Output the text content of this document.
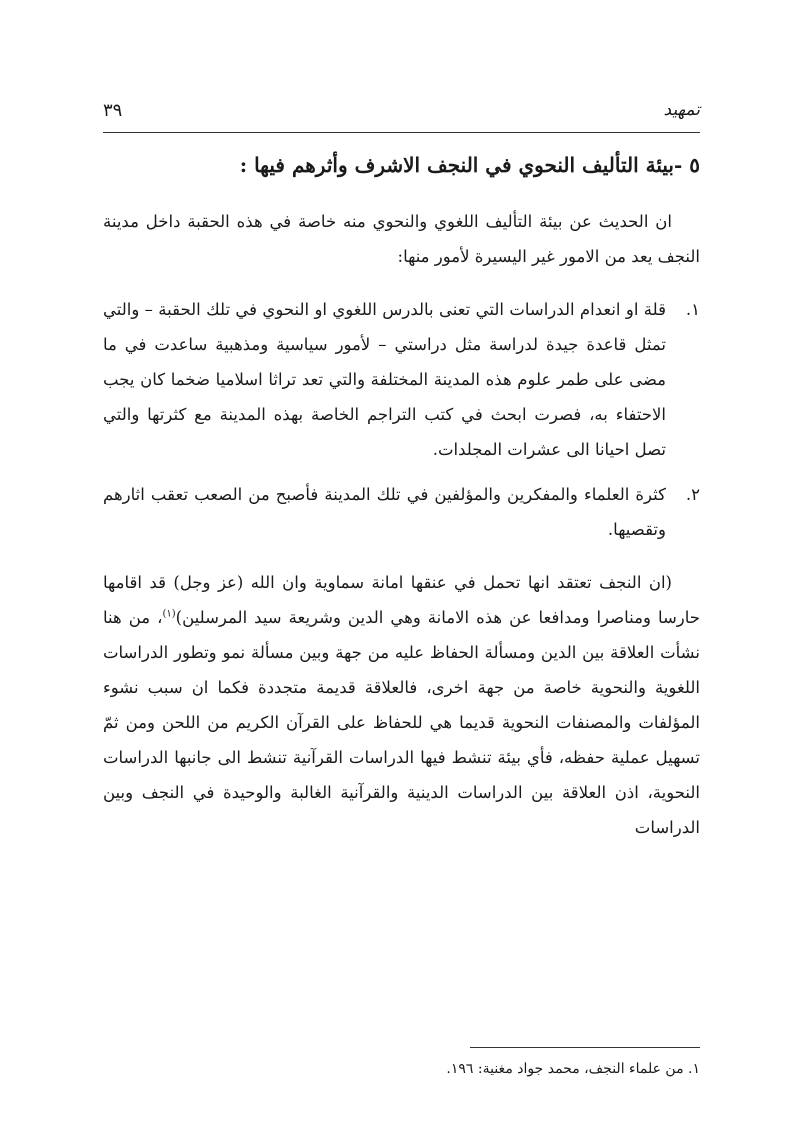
تمهيد
٣٩
٥ -بيئة التأليف النحوي في النجف الاشرف وأثرهم فيها :

ان الحديث عن بيئة التأليف اللغوي والنحوي منه خاصة في هذه الحقبة داخل مدينة النجف يعد من الامور غير اليسيرة لأمور منها:

١.
قلة او انعدام الدراسات التي تعنى بالدرس اللغوي او النحوي في تلك الحقبة – والتي تمثل قاعدة جيدة لدراسة مثل دراستي – لأمور سياسية ومذهبية ساعدت في ما مضى على طمر علوم هذه المدينة المختلفة والتي تعد تراثا اسلاميا ضخما كان يجب الاحتفاء به، فصرت ابحث في كتب التراجم الخاصة بهذه المدينة مع كثرتها والتي تصل احيانا الى عشرات المجلدات.
٢.
كثرة العلماء والمفكرين والمؤلفين في تلك المدينة فأصبح من الصعب تعقب اثارهم وتقصيها.

(ان النجف تعتقد انها تحمل في عنقها امانة سماوية وان الله (عز وجل) قد اقامها حارسا ومناصرا ومدافعا عن هذه الامانة وهي الدين وشريعة سيد المرسلين)$^{(١)}$، من هنا نشأت العلاقة بين الدين ومسألة الحفاظ عليه من جهة وبين مسألة نمو وتطور الدراسات اللغوية والنحوية خاصة من جهة اخرى، فالعلاقة قديمة متجددة فكما ان سبب نشوء المؤلفات والمصنفات النحوية قديما هي للحفاظ على القرآن الكريم من اللحن ومن ثمّ تسهيل عملية حفظه، فأي بيئة تنشط فيها الدراسات القرآنية تنشط الى جانبها الدراسات النحوية، اذن العلاقة بين الدراسات الدينية والقرآنية الغالبة والوحيدة في النجف وبين الدراسات

١. من علماء النجف، محمد جواد مغنية: ١٩٦.
